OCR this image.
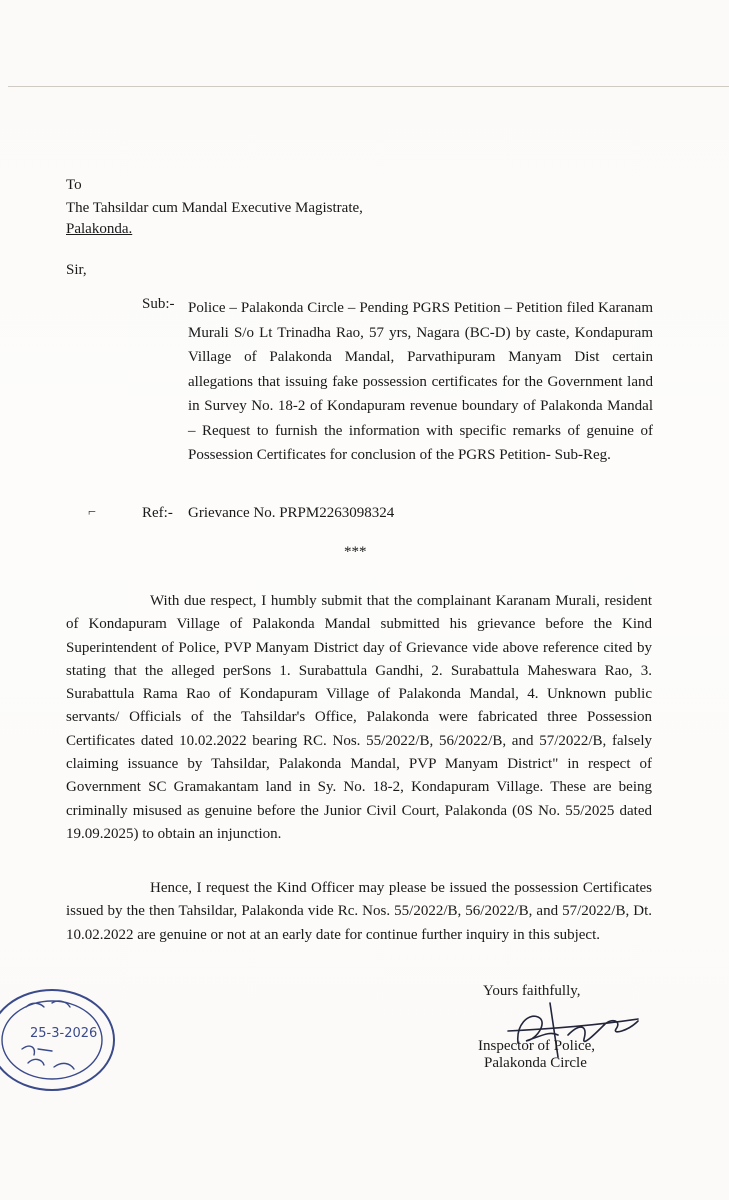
To
The Tahsildar cum Mandal Executive Magistrate,
Palakonda.
Sir,
Sub:- Police – Palakonda Circle – Pending PGRS Petition – Petition filed Karanam Murali S/o Lt Trinadha Rao, 57 yrs, Nagara (BC-D) by caste, Kondapuram Village of Palakonda Mandal, Parvathipuram Manyam Dist certain allegations that issuing fake possession certificates for the Government land in Survey No. 18-2 of Kondapuram revenue boundary of Palakonda Mandal – Request to furnish the information with specific remarks of genuine of Possession Certificates for conclusion of the PGRS Petition- Sub-Reg.
⌐	Ref:- Grievance No. PRPM2263098324
***
With due respect, I humbly submit that the complainant Karanam Murali, resident of Kondapuram Village of Palakonda Mandal submitted his grievance before the Kind Superintendent of Police, PVP Manyam District day of Grievance vide above reference cited by stating that the alleged perSons 1. Surabattula Gandhi, 2. Surabattula Maheswara Rao, 3. Surabattula Rama Rao of Kondapuram Village of Palakonda Mandal, 4. Unknown public servants/ Officials of the Tahsildar's Office, Palakonda were fabricated three Possession Certificates dated 10.02.2022 bearing RC. Nos. 55/2022/B, 56/2022/B, and 57/2022/B, falsely claiming issuance by Tahsildar, Palakonda Mandal, PVP Manyam District" in respect of Government SC Gramakantam land in Sy. No. 18-2, Kondapuram Village. These are being criminally misused as genuine before the Junior Civil Court, Palakonda (0S No. 55/2025 dated 19.09.2025) to obtain an injunction.
Hence, I request the Kind Officer may please be issued the possession Certificates issued by the then Tahsildar, Palakonda vide Rc. Nos. 55/2022/B, 56/2022/B, and 57/2022/B, Dt. 10.02.2022 are genuine or not at an early date for continue further inquiry in this subject.
Yours faithfully,
Inspector of Police,
Palakonda Circle
25-3-2026
